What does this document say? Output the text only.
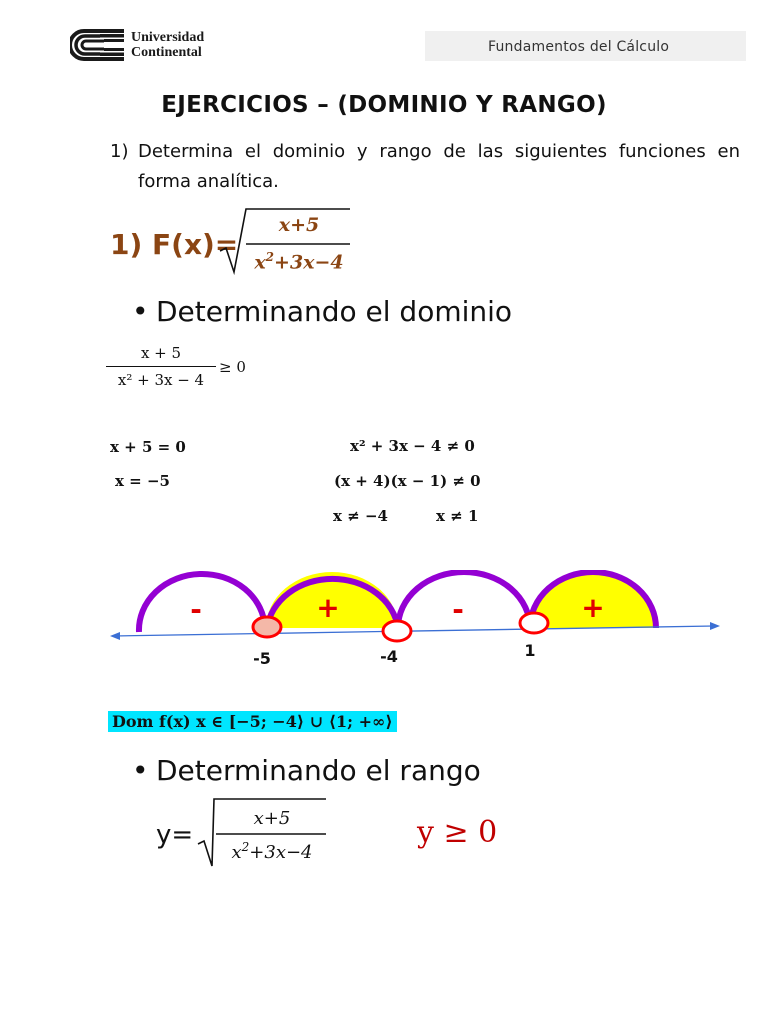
Universidad
Continental	Fundamentos del Cálculo
EJERCICIOS – (DOMINIO Y RANGO)
1) Determina el dominio y rango de las siguientes funciones en forma analítica.
1) F(x)=
x+5
$x^2+3x-4$
• Determinando el dominio
x + 5
x² + 3x − 4
≥ 0
x + 5 = 0
x = −5
x² + 3x − 4 ≠ 0
(x + 4)(x − 1) ≠ 0
x ≠ −4	x ≠ 1
-	+	-	+
-5	-4	1
Dom f(x) x ∈ [−5; −4⟩ ∪ ⟨1; +∞⟩
• Determinando el rango
y=
x+5
$x^2+3x-4$
y ≥ 0
